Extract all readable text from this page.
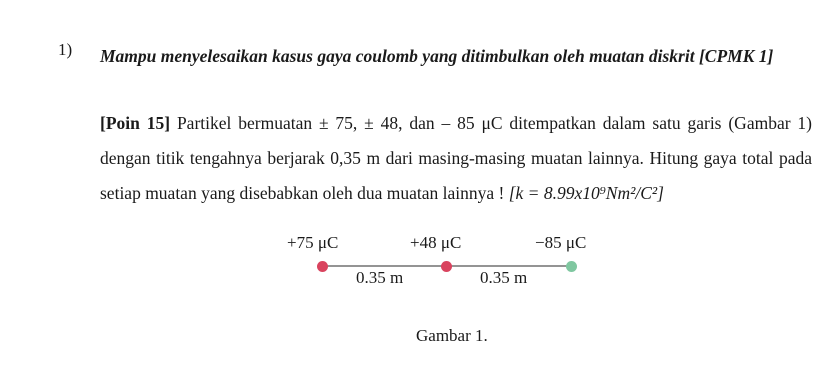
1) Mampu menyelesaikan kasus gaya coulomb yang ditimbulkan oleh muatan diskrit [CPMK 1]
[Poin 15] Partikel bermuatan ± 75, ± 48, dan – 85 μC ditempatkan dalam satu garis (Gambar 1) dengan titik tengahnya berjarak 0,35 m dari masing-masing muatan lainnya. Hitung gaya total pada setiap muatan yang disebabkan oleh dua muatan lainnya ! [k = 8.99x10⁹Nm²/C²]
+75 μC	+48 μC	−85 μC
0.35 m	0.35 m
Gambar 1.
